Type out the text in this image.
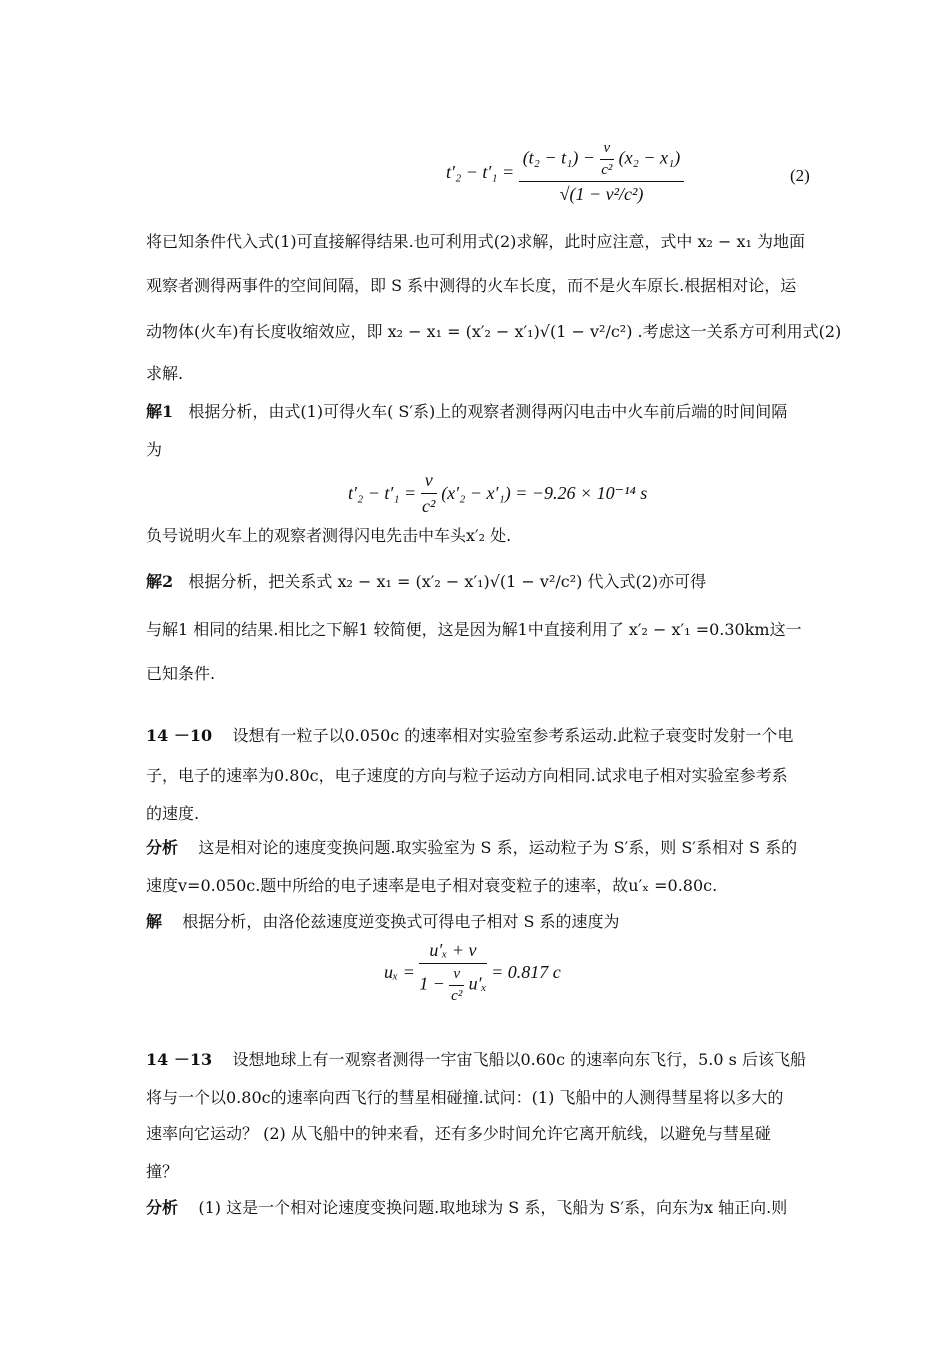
t′₂ − t′₁ =
$(t_2 - t_1) - \frac{v}{\text{c²}} (x_2 - x_1)$
√(1 − v²/c²)
(2)
将已知条件代入式(1)可直接解得结果.也可利用式(2)求解，此时应注意，式中 x₂ − x₁ 为地面
观察者测得两事件的空间间隔，即 S 系中测得的火车长度，而不是火车原长.根据相对论，运
动物体(火车)有长度收缩效应，即 x₂ − x₁ = (x′₂ − x′₁)√(1 − v²/c²) .考虑这一关系方可利用式(2)
求解.
解1 根据分析，由式(1)可得火车( S′系)上的观察者测得两闪电击中火车前后端的时间间隔
为
$t'_2 - t'_1 = \frac{v}{\text{c²}} (x'_2 - x'_1) = -9.26 \times 10^{-14}$ s
负号说明火车上的观察者测得闪电先击中车头x′₂ 处.
解2 根据分析，把关系式 x₂ − x₁ = (x′₂ − x′₁)√(1 − v²/c²) 代入式(2)亦可得
与解1 相同的结果.相比之下解1 较简便，这是因为解1中直接利用了 x′₂ − x′₁ =0.30km这一
已知条件.
14 －10 设想有一粒子以0.050c 的速率相对实验室参考系运动.此粒子衰变时发射一个电
子，电子的速率为0.80c，电子速度的方向与粒子运动方向相同.试求电子相对实验室参考系
的速度.
分析 这是相对论的速度变换问题.取实验室为 S 系，运动粒子为 S′系，则 S′系相对 S 系的
速度v=0.050c.题中所给的电子速率是电子相对衰变粒子的速率，故u′ₓ =0.80c.
解 根据分析，由洛伦兹速度逆变换式可得电子相对 S 系的速度为
$u_x = \frac{\text{u′ₓ + v}}{1 - \frac{v}{\text{c²}} u'_x} = 0.817$ c
14 －13 设想地球上有一观察者测得一宇宙飞船以0.60c 的速率向东飞行，5.0 s 后该飞船
将与一个以0.80c的速率向西飞行的彗星相碰撞.试问：(1) 飞船中的人测得彗星将以多大的
速率向它运动？ (2) 从飞船中的钟来看，还有多少时间允许它离开航线，以避免与彗星碰
撞？
分析 (1) 这是一个相对论速度变换问题.取地球为 S 系，飞船为 S′系，向东为x 轴正向.则
